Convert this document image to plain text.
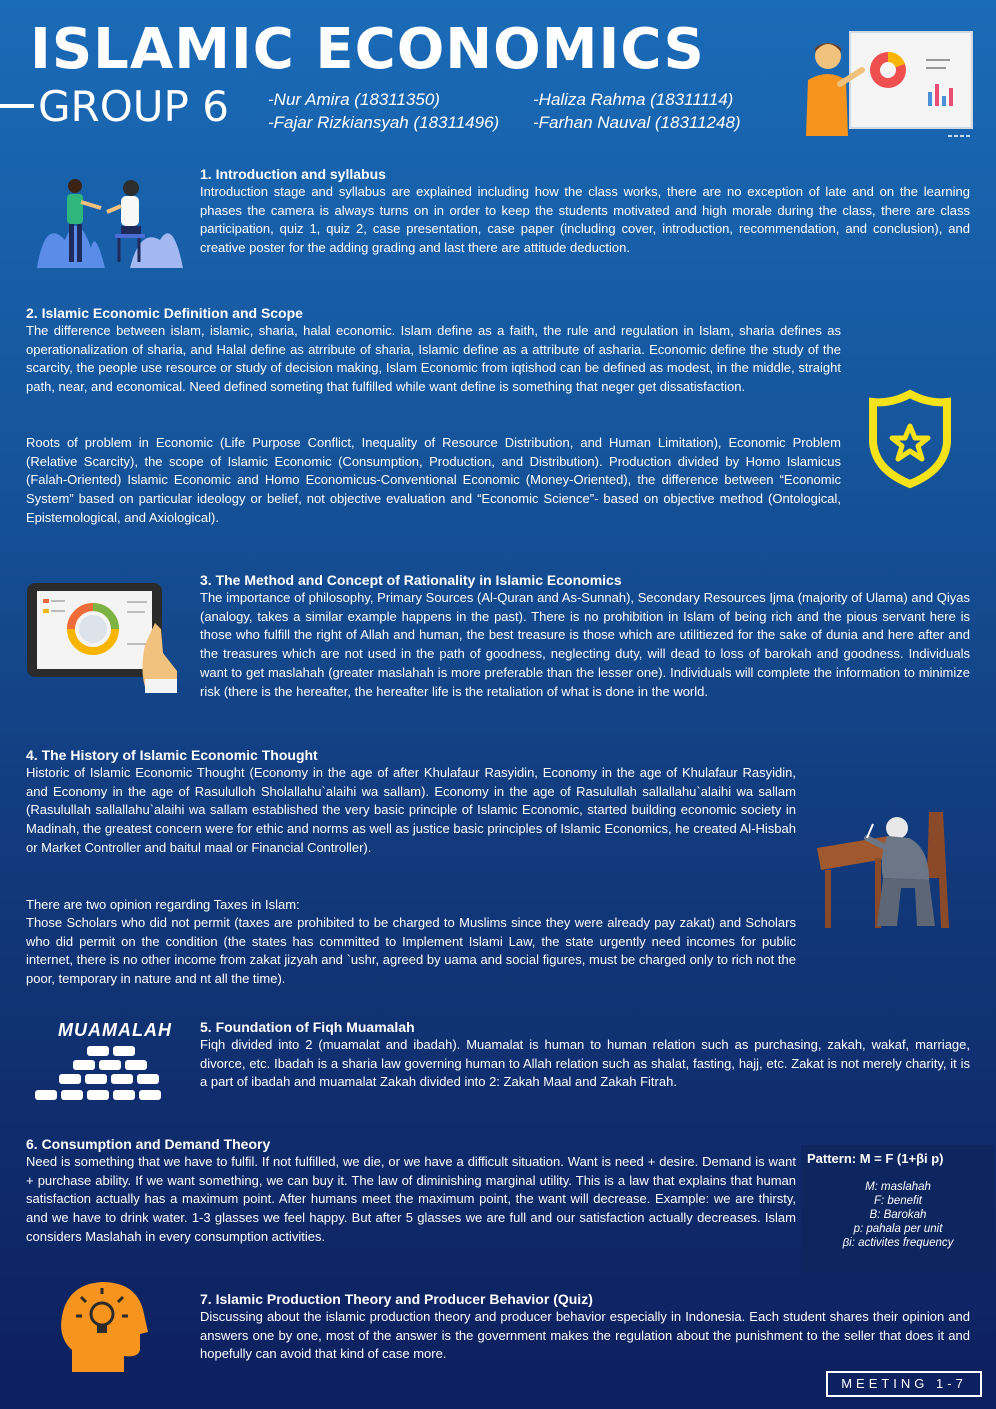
ISLAMIC ECONOMICS
GROUP 6 -Nur Amira (18311350)
-Fajar Rizkiansyah (18311496)
-Haliza Rahma (18311114)
-Farhan Nauval (18311248)
1. Introduction and syllabus
Introduction stage and syllabus are explained including how the class works, there are no exception of late and on the learning phases the camera is always turns on in order to keep the students motivated and high morale during the class, there are class participation, quiz 1, quiz 2, case presentation, case paper (including cover, introduction, recommendation, and conclusion), and creative poster for the adding grading and last there are attitude deduction.
2. Islamic Economic Definition and Scope
The difference between islam, islamic, sharia, halal economic. Islam define as a faith, the rule and regulation in Islam, sharia defines as operationalization of sharia, and Halal define as atrribute of sharia, Islamic define as a attribute of asharia. Economic define the study of the scarcity, the people use resource or study of decision making, Islam Economic from iqtishod can be defined as modest, in the middle, straight path, near, and economical. Need defined someting that fulfilled while want define is something that neger get dissatisfaction.
Roots of problem in Economic (Life Purpose Conflict, Inequality of Resource Distribution, and Human Limitation), Economic Problem (Relative Scarcity), the scope of Islamic Economic (Consumption, Production, and Distribution). Production divided by Homo Islamicus (Falah-Oriented) Islamic Economic and Homo Economicus-Conventional Economic (Money-Oriented), the difference between “Economic System” based on particular ideology or belief, not objective evaluation and “Economic Science”- based on objective method (Ontological, Epistemological, and Axiological).
3. The Method and Concept of Rationality in Islamic Economics
The importance of philosophy, Primary Sources (Al-Quran and As-Sunnah), Secondary Resources Ijma (majority of Ulama) and Qiyas (analogy, takes a similar example happens in the past). There is no prohibition in Islam of being rich and the pious servant here is those who fulfill the right of Allah and human, the best treasure is those which are utilitiezed for the sake of dunia and here after and the treasures which are not used in the path of goodness, neglecting duty, will dead to loss of barokah and goodness. Individuals want to get maslahah (greater maslahah is more preferable than the lesser one). Individuals will complete the information to minimize risk (there is the hereafter, the hereafter life is the retaliation of what is done in the world.
4. The History of Islamic Economic Thought
Historic of Islamic Economic Thought (Economy in the age of after Khulafaur Rasyidin, Economy in the age of Khulafaur Rasyidin, and Economy in the age of Rasululloh Sholallahu`alaihi wa sallam). Economy in the age of Rasulullah sallallahu`alaihi wa sallam (Rasulullah sallallahu`alaihi wa sallam established the very basic principle of Islamic Economic, started building economic society in Madinah, the greatest concern were for ethic and norms as well as justice basic principles of Islamic Economics, he created Al-Hisbah or Market Controller and baitul maal or Financial Controller).
There are two opinion regarding Taxes in Islam:
Those Scholars who did not permit (taxes are prohibited to be charged to Muslims since they were already pay zakat) and Scholars who did permit on the condition (the states has committed to Implement Islami Law, the state urgently need incomes for public internet, there is no other income from zakat jizyah and `ushr, agreed by uama and social figures, must be charged only to rich not the poor, temporary in nature and nt all the time).
MUAMALAH 5. Foundation of Fiqh Muamalah
Fiqh divided into 2 (muamalat and ibadah). Muamalat is human to human relation such as purchasing, zakah, wakaf, marriage, divorce, etc. Ibadah is a sharia law governing human to Allah relation such as shalat, fasting, hajj, etc. Zakat is not merely charity, it is a part of ibadah and muamalat Zakah divided into 2: Zakah Maal and Zakah Fitrah.
6. Consumption and Demand Theory
Need is something that we have to fulfil. If not fulfilled, we die, or we have a difficult situation. Want is need + desire. Demand is want + purchase ability. If we want something, we can buy it. The law of diminishing marginal utility. This is a law that explains that human satisfaction actually has a maximum point. After humans meet the maximum point, the want will decrease. Example: we are thirsty, and we have to drink water. 1-3 glasses we feel happy. But after 5 glasses we are full and our satisfaction actually decreases. Islam considers Maslahah in every consumption activities.
Pattern: M = F (1+βi p)
M: maslahah
F: benefit
B: Barokah
p: pahala per unit
βi: activites frequency
7. Islamic Production Theory and Producer Behavior (Quiz)
Discussing about the islamic production theory and producer behavior especially in Indonesia. Each student shares their opinion and answers one by one, most of the answer is the government makes the regulation about the punishment to the seller that does it and hopefully can avoid that kind of case more.
MEETING 1-7
